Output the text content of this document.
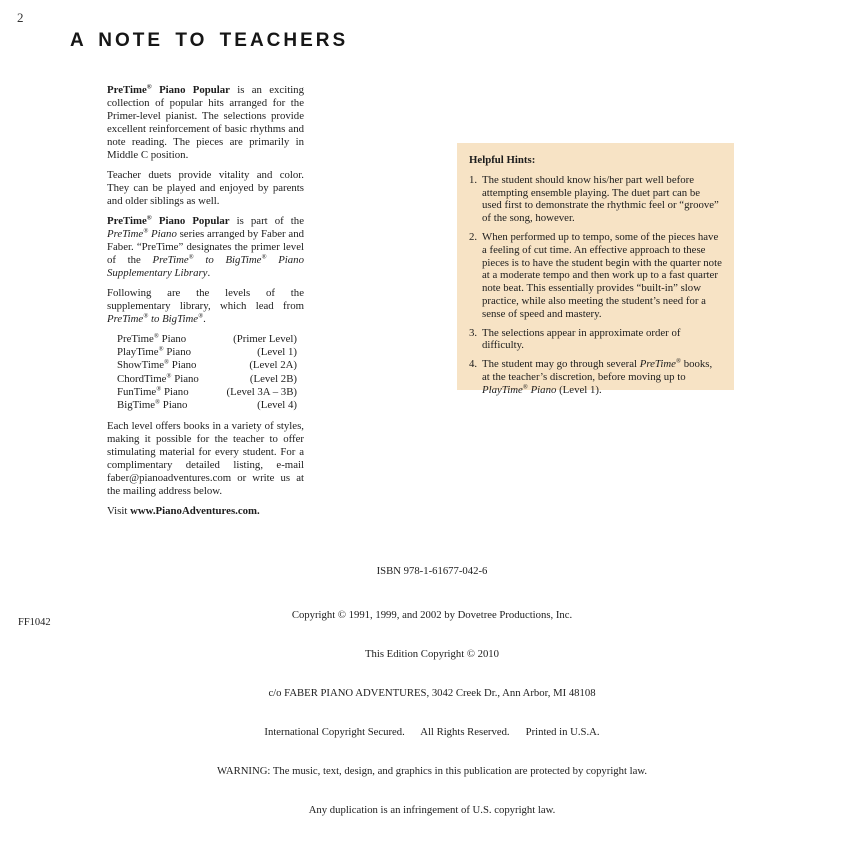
2
A NOTE TO TEACHERS

PreTime® Piano Popular is an exciting collection of popular hits arranged for the Primer-level pianist. The selections provide excellent reinforcement of basic rhythms and note reading. The pieces are primarily in Middle C position.

Teacher duets provide vitality and color. They can be played and enjoyed by parents and older siblings as well.

PreTime® Piano Popular is part of the PreTime® Piano series arranged by Faber and Faber. “PreTime” designates the primer level of the PreTime® to BigTime® Piano Supplementary Library.

Following are the levels of the supplementary library, which lead from PreTime® to BigTime®.

PreTime® Piano	(Primer Level)
PlayTime® Piano	(Level 1)
ShowTime® Piano	(Level 2A)
ChordTime® Piano	(Level 2B)
FunTime® Piano	(Level 3A – 3B)
BigTime® Piano	(Level 4)

Each level offers books in a variety of styles, making it possible for the teacher to offer stimulating material for every student. For a complimentary detailed listing, e-mail faber@pianoadventures.com or write us at the mailing address below.

Visit www.PianoAdventures.com.

Helpful Hints:
1. The student should know his/her part well before attempting ensemble playing. The duet part can be used first to demonstrate the rhythmic feel or “groove” of the song, however.
2. When performed up to tempo, some of the pieces have a feeling of cut time. An effective approach to these pieces is to have the student begin with the quarter note at a moderate tempo and then work up to a fast quarter note beat. This essentially provides “built-in” slow practice, while also meeting the student’s need for a sense of speed and mastery.
3. The selections appear in approximate order of difficulty.
4. The student may go through several PreTime® books, at the teacher’s discretion, before moving up to PlayTime® Piano (Level 1).

ISBN 978-1-61677-042-6

Copyright © 1991, 1999, and 2002 by Dovetree Productions, Inc.

This Edition Copyright © 2010

c/o FABER PIANO ADVENTURES, 3042 Creek Dr., Ann Arbor, MI 48108

International Copyright Secured.      All Rights Reserved.      Printed in U.S.A.

WARNING: The music, text, design, and graphics in this publication are protected by copyright law.

Any duplication is an infringement of U.S. copyright law.

FF1042
